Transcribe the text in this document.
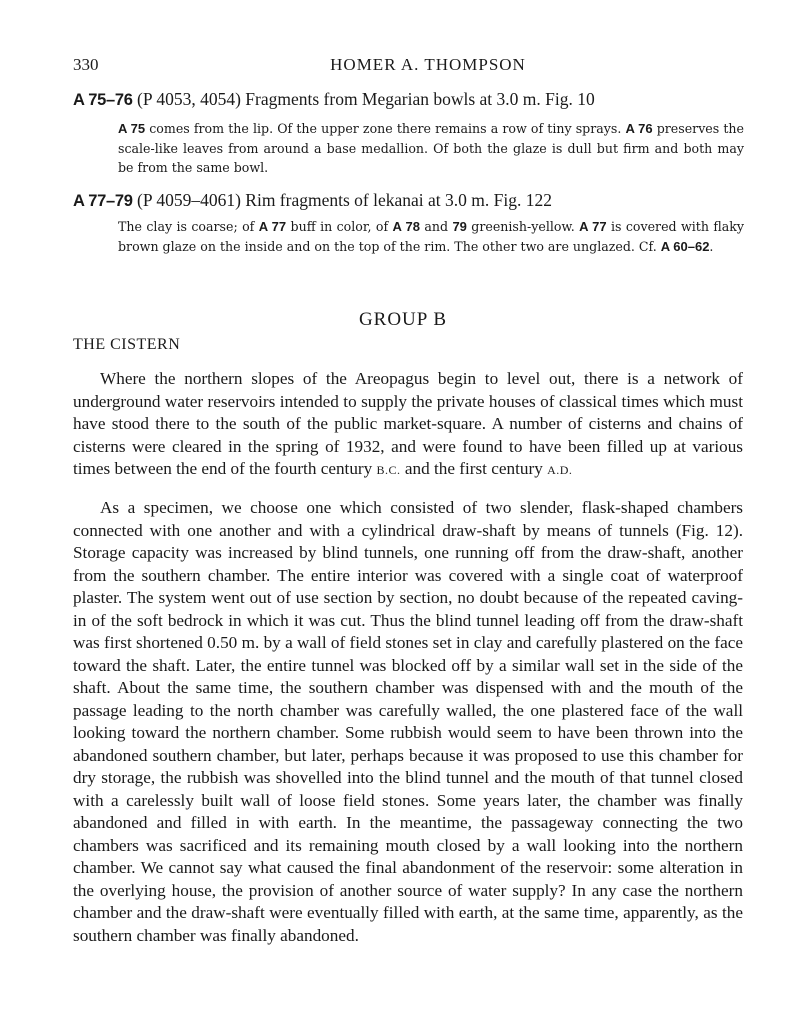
330	HOMER A. THOMPSON
A 75–76 (P 4053, 4054) Fragments from Megarian bowls at 3.0 m. Fig. 10

A 75 comes from the lip. Of the upper zone there remains a row of tiny sprays. A 76 preserves the scale-like leaves from around a base medallion. Of both the glaze is dull but firm and both may be from the same bowl.

A 77–79 (P 4059–4061) Rim fragments of lekanai at 3.0 m. Fig. 122

The clay is coarse; of A 77 buff in color, of A 78 and 79 greenish-yellow. A 77 is covered with flaky brown glaze on the inside and on the top of the rim. The other two are unglazed. Cf. A 60–62.

GROUP B
THE CISTERN

Where the northern slopes of the Areopagus begin to level out, there is a network of underground water reservoirs intended to supply the private houses of classical times which must have stood there to the south of the public market-square. A number of cisterns and chains of cisterns were cleared in the spring of 1932, and were found to have been filled up at various times between the end of the fourth century B.C. and the first century A.D.

As a specimen, we choose one which consisted of two slender, flask-shaped chambers connected with one another and with a cylindrical draw-shaft by means of tunnels (Fig. 12). Storage capacity was increased by blind tunnels, one running off from the draw-shaft, another from the southern chamber. The entire interior was covered with a single coat of waterproof plaster. The system went out of use section by section, no doubt because of the repeated caving-in of the soft bedrock in which it was cut. Thus the blind tunnel leading off from the draw-shaft was first shortened 0.50 m. by a wall of field stones set in clay and carefully plastered on the face toward the shaft. Later, the entire tunnel was blocked off by a similar wall set in the side of the shaft. About the same time, the southern chamber was dispensed with and the mouth of the passage leading to the north chamber was carefully walled, the one plastered face of the wall looking toward the northern chamber. Some rubbish would seem to have been thrown into the abandoned southern chamber, but later, perhaps because it was proposed to use this chamber for dry storage, the rubbish was shovelled into the blind tunnel and the mouth of that tunnel closed with a carelessly built wall of loose field stones. Some years later, the chamber was finally abandoned and filled in with earth. In the meantime, the passageway connecting the two chambers was sacrificed and its remaining mouth closed by a wall looking into the northern chamber. We cannot say what caused the final abandonment of the reservoir: some alteration in the overlying house, the provision of another source of water supply? In any case the northern chamber and the draw-shaft were eventually filled with earth, at the same time, apparently, as the southern chamber was finally abandoned.
